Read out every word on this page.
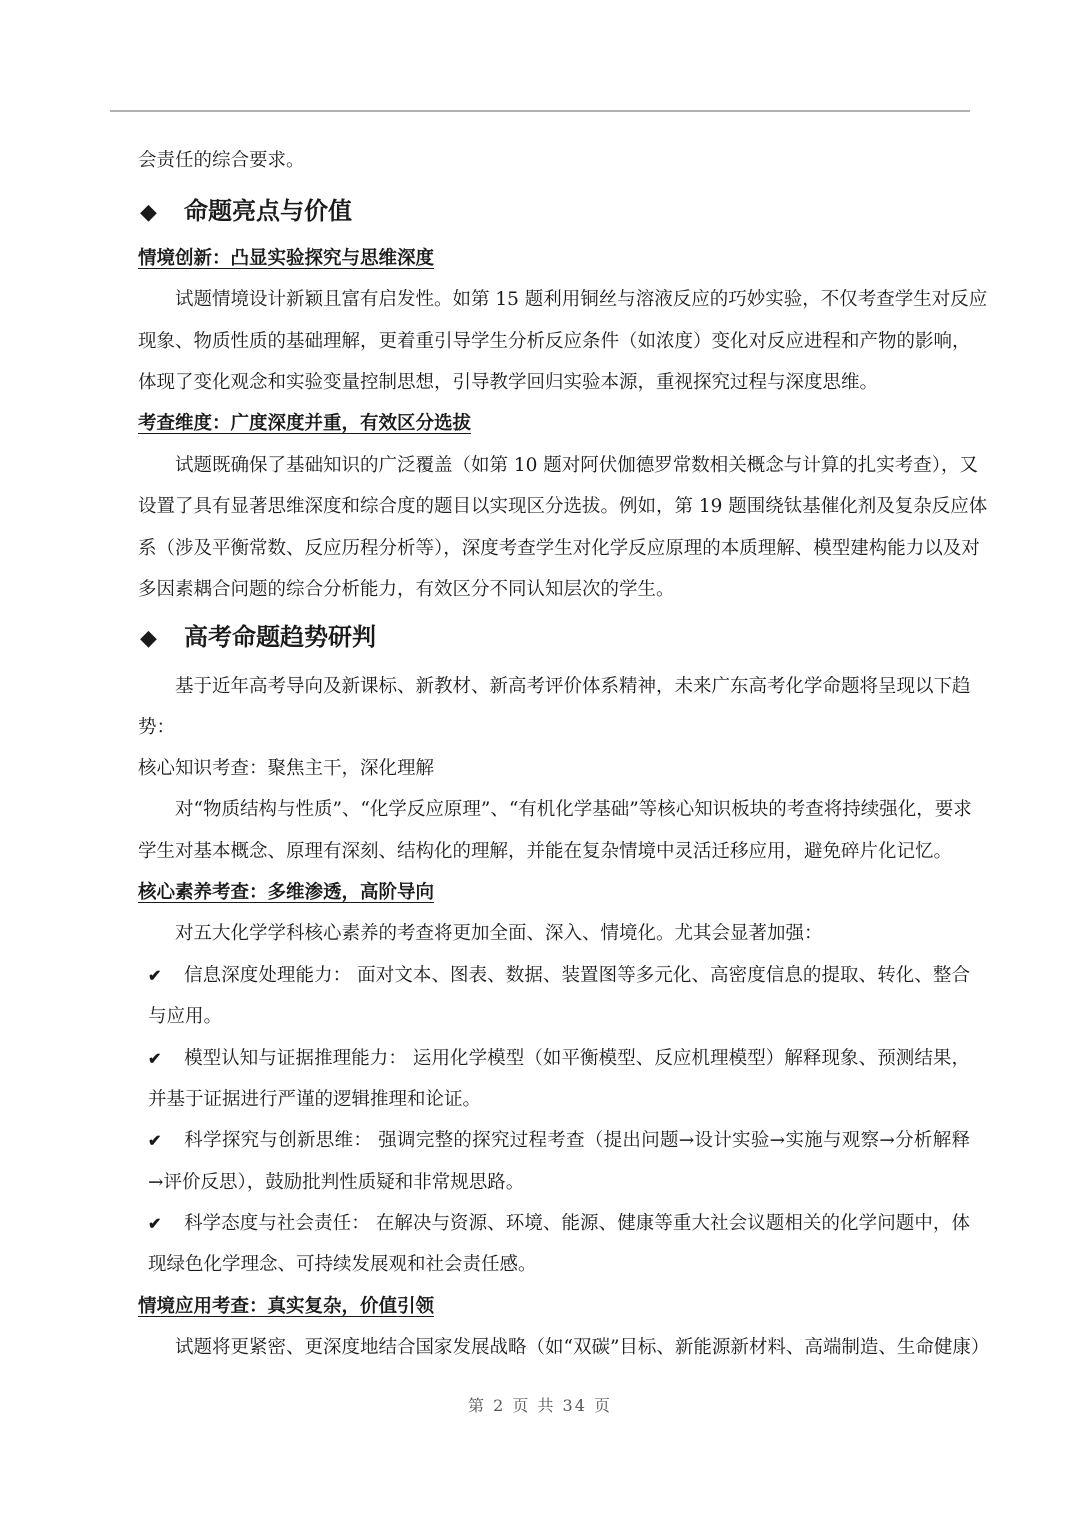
会责任的综合要求。
◆ 命题亮点与价值
情境创新：凸显实验探究与思维深度
试题情境设计新颖且富有启发性。如第 15 题利用铜丝与溶液反应的巧妙实验，不仅考查学生对反应
现象、物质性质的基础理解，更着重引导学生分析反应条件（如浓度）变化对反应进程和产物的影响，
体现了变化观念和实验变量控制思想，引导教学回归实验本源，重视探究过程与深度思维。
考查维度：广度深度并重，有效区分选拔
试题既确保了基础知识的广泛覆盖（如第 10 题对阿伏伽德罗常数相关概念与计算的扎实考查），又
设置了具有显著思维深度和综合度的题目以实现区分选拔。例如，第 19 题围绕钛基催化剂及复杂反应体
系（涉及平衡常数、反应历程分析等），深度考查学生对化学反应原理的本质理解、模型建构能力以及对
多因素耦合问题的综合分析能力，有效区分不同认知层次的学生。
◆ 高考命题趋势研判
基于近年高考导向及新课标、新教材、新高考评价体系精神，未来广东高考化学命题将呈现以下趋
势：
核心知识考查：聚焦主干，深化理解
对“物质结构与性质”、“化学反应原理”、“有机化学基础”等核心知识板块的考查将持续强化，要求
学生对基本概念、原理有深刻、结构化的理解，并能在复杂情境中灵活迁移应用，避免碎片化记忆。
核心素养考查：多维渗透，高阶导向
对五大化学学科核心素养的考查将更加全面、深入、情境化。尤其会显著加强：
✔ 信息深度处理能力： 面对文本、图表、数据、装置图等多元化、高密度信息的提取、转化、整合
与应用。
✔ 模型认知与证据推理能力： 运用化学模型（如平衡模型、反应机理模型）解释现象、预测结果，
并基于证据进行严谨的逻辑推理和论证。
✔ 科学探究与创新思维： 强调完整的探究过程考查（提出问题→设计实验→实施与观察→分析解释
→评价反思），鼓励批判性质疑和非常规思路。
✔ 科学态度与社会责任： 在解决与资源、环境、能源、健康等重大社会议题相关的化学问题中，体
现绿色化学理念、可持续发展观和社会责任感。
情境应用考查：真实复杂，价值引领
试题将更紧密、更深度地结合国家发展战略（如“双碳”目标、新能源新材料、高端制造、生命健康）
第 2 页 共 34 页
